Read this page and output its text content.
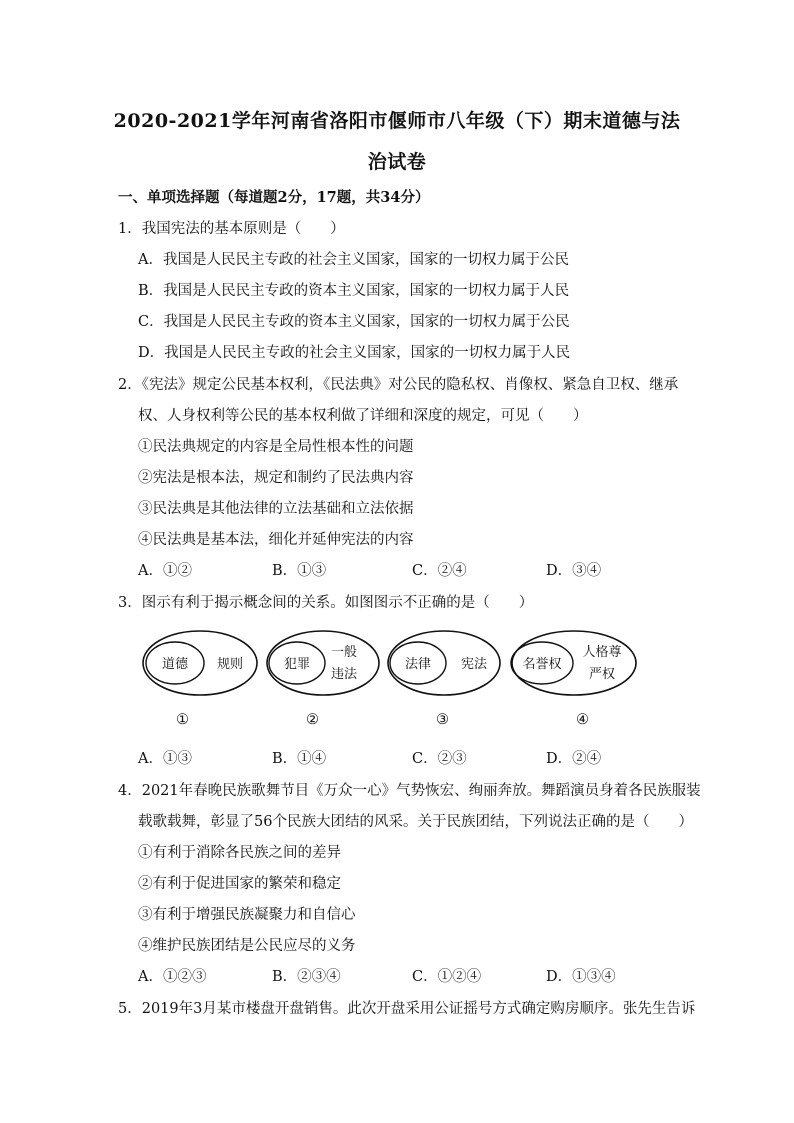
2020-2021学年河南省洛阳市偃师市八年级（下）期末道德与法
治试卷
一、单项选择题（每道题2分，17题，共34分）
1．我国宪法的基本原则是（　　）
A．我国是人民民主专政的社会主义国家，国家的一切权力属于公民
B．我国是人民民主专政的资本主义国家，国家的一切权力属于人民
C．我国是人民民主专政的资本主义国家，国家的一切权力属于公民
D．我国是人民民主专政的社会主义国家，国家的一切权力属于人民
2．《宪法》规定公民基本权利，《民法典》对公民的隐私权、肖像权、紧急自卫权、继承
权、人身权利等公民的基本权利做了详细和深度的规定，可见（　　）
①民法典规定的内容是全局性根本性的问题
②宪法是根本法，规定和制约了民法典内容
③民法典是其他法律的立法基础和立法依据
④民法典是基本法，细化并延伸宪法的内容
A．①②	B．①③	C．②④	D．③④
3．图示有利于揭示概念间的关系。如图图示不正确的是（　　）
道德 规则	犯罪
一般
违法
法律 宪法	名誉权
人格尊
严权
①	②	③	④
A．①③	B．①④	C．②③	D．②④
4．2021年春晚民族歌舞节目《万众一心》气势恢宏、绚丽奔放。舞蹈演员身着各民族服装
载歌载舞，彰显了56个民族大团结的风采。关于民族团结，下列说法正确的是（　　）
①有利于消除各民族之间的差异
②有利于促进国家的繁荣和稳定
③有利于增强民族凝聚力和自信心
④维护民族团结是公民应尽的义务
A．①②③	B．②③④	C．①②④	D．①③④
5．2019年3月某市楼盘开盘销售。此次开盘采用公证摇号方式确定购房顺序。张先生告诉
